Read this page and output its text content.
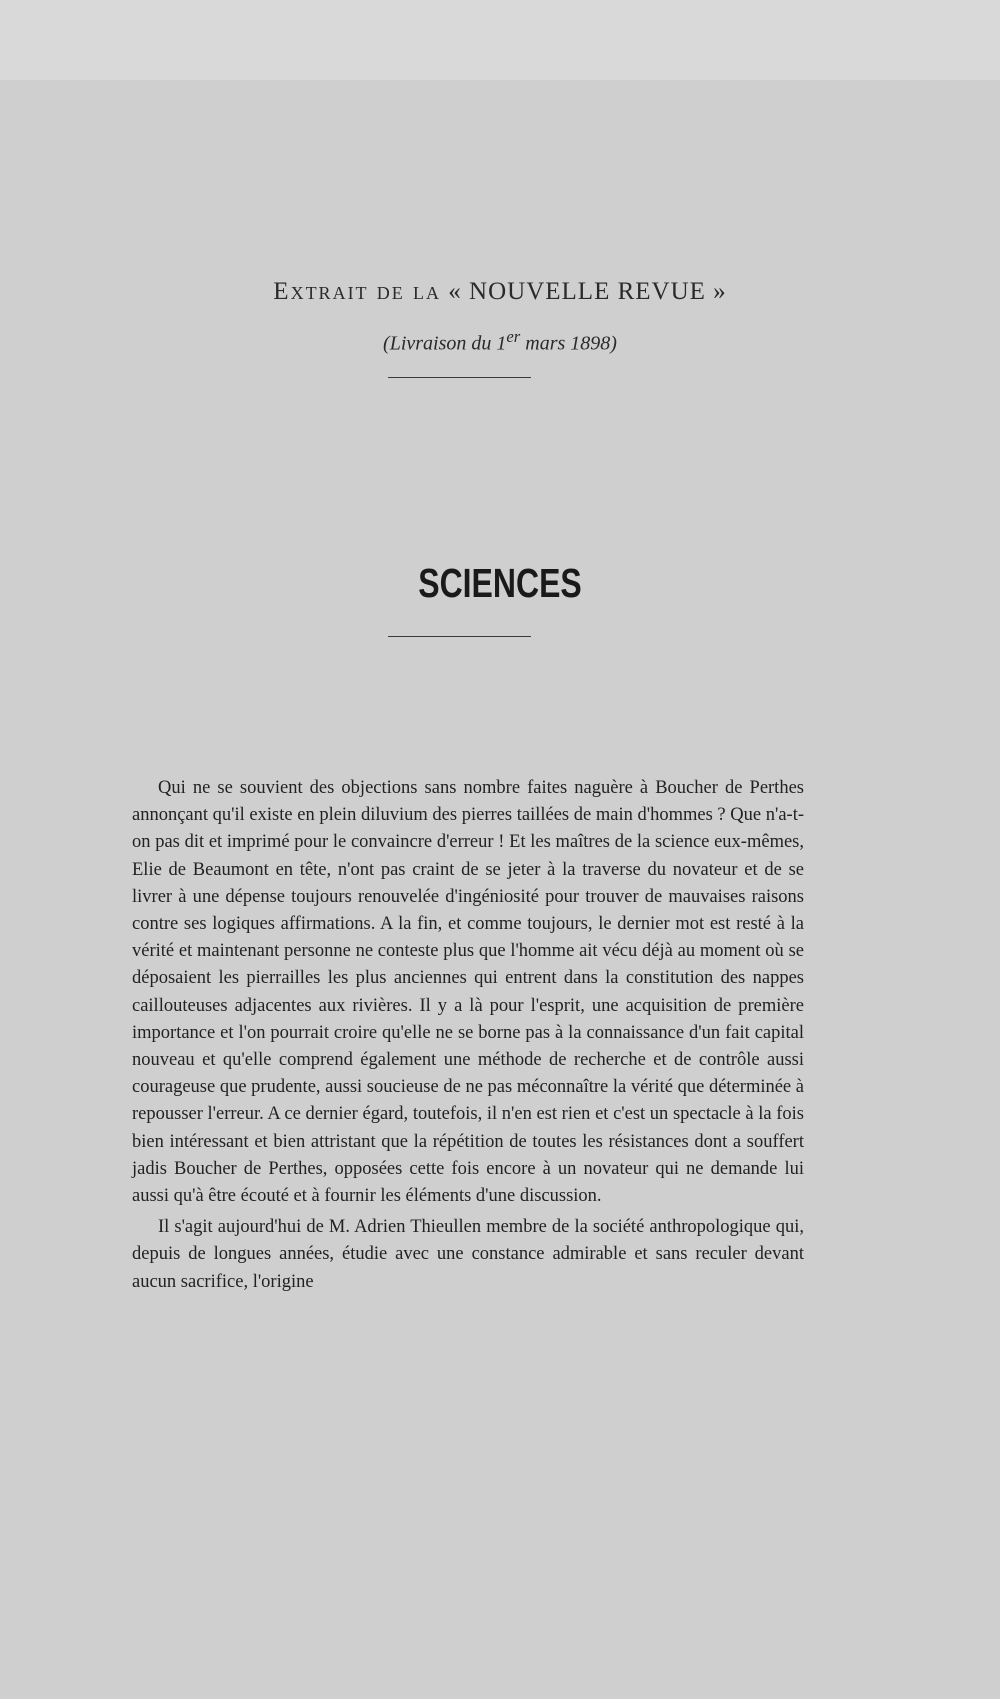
Extrait de la « NOUVELLE REVUE »
(Livraison du 1er mars 1898)
SCIENCES

Qui ne se souvient des objections sans nombre faites naguère à Boucher de Perthes annonçant qu'il existe en plein diluvium des pierres taillées de main d'hommes ? Que n'a-t-on pas dit et imprimé pour le convaincre d'erreur ! Et les maîtres de la science eux-mêmes, Elie de Beaumont en tête, n'ont pas craint de se jeter à la traverse du novateur et de se livrer à une dépense toujours renouvelée d'ingéniosité pour trouver de mauvaises raisons contre ses logiques affirmations. A la fin, et comme toujours, le dernier mot est resté à la vérité et maintenant personne ne conteste plus que l'homme ait vécu déjà au moment où se déposaient les pierrailles les plus anciennes qui entrent dans la constitution des nappes caillouteuses adjacentes aux rivières. Il y a là pour l'esprit, une acquisition de première importance et l'on pourrait croire qu'elle ne se borne pas à la connaissance d'un fait capital nouveau et qu'elle comprend également une méthode de recherche et de contrôle aussi courageuse que prudente, aussi soucieuse de ne pas méconnaître la vérité que déterminée à repousser l'erreur. A ce dernier égard, toutefois, il n'en est rien et c'est un spectacle à la fois bien intéressant et bien attristant que la répétition de toutes les résistances dont a souffert jadis Boucher de Perthes, opposées cette fois encore à un novateur qui ne demande lui aussi qu'à être écouté et à fournir les éléments d'une discussion.

Il s'agit aujourd'hui de M. Adrien Thieullen membre de la société anthropologique qui, depuis de longues années, étudie avec une constance admirable et sans reculer devant aucun sacrifice, l'origine
